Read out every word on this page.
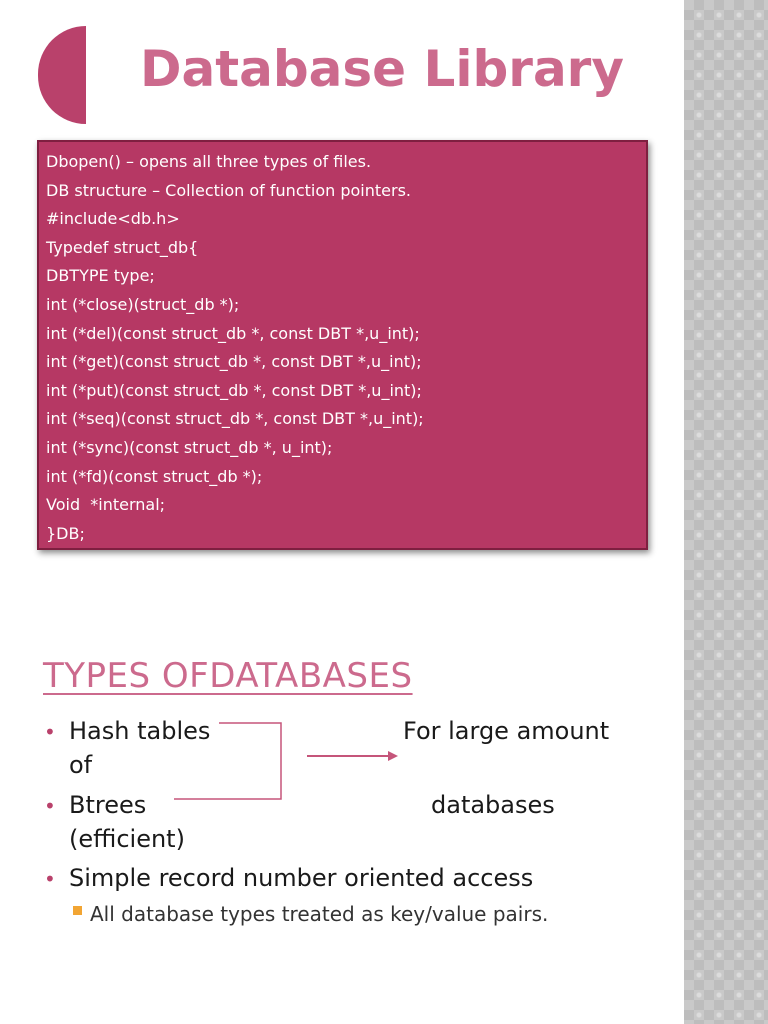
Database Library
Dbopen() – opens all three types of files.
DB structure – Collection of function pointers.
#include<db.h>
Typedef struct_db{
DBTYPE type;
int (*close)(struct_db *);
int (*del)(const struct_db *, const DBT *,u_int);
int (*get)(const struct_db *, const DBT *,u_int);
int (*put)(const struct_db *, const DBT *,u_int);
int (*seq)(const struct_db *, const DBT *,u_int);
int (*sync)(const struct_db *, u_int);
int (*fd)(const struct_db *);
Void  *internal;
}DB;
TYPES OFDATABASES
• Hash tables	For large amount
of
• Btrees	databases
(efficient)
• Simple record number oriented access
All database types treated as key/value pairs.
